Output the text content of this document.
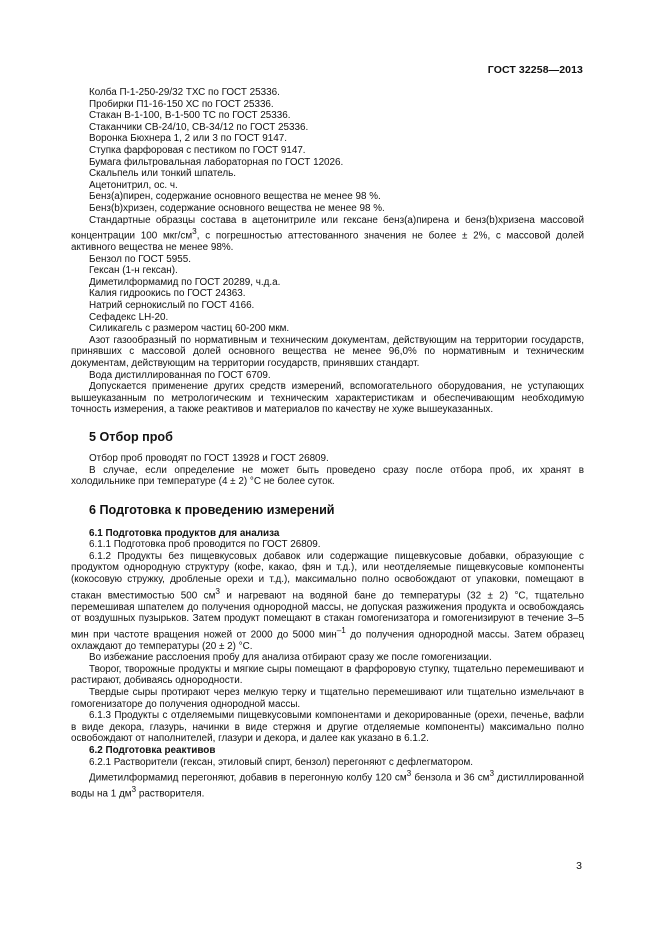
ГОСТ 32258—2013

Колба П-1-250-29/32 ТХС по ГОСТ 25336.

Пробирки П1-16-150 ХС по ГОСТ 25336.

Стакан В-1-100, В-1-500 ТС по ГОСТ 25336.

Стаканчики СВ-24/10, СВ-34/12 по ГОСТ 25336.

Воронка Бюхнера 1, 2 или 3 по ГОСТ 9147.

Ступка фарфоровая с пестиком по ГОСТ 9147.

Бумага фильтровальная лабораторная по ГОСТ 12026.

Скальпель или тонкий шпатель.

Ацетонитрил, ос. ч.

Бенз(а)пирен, содержание основного вещества не менее 98 %.

Бенз(b)хризен, содержание основного вещества не менее 98 %.

Стандартные образцы состава в ацетонитриле или гексане бенз(а)пирена и бенз(b)хризена массовой концентрации 100 мкг/$см^3$, с погрешностью аттестованного значения не более ± 2%, с массовой долей активного вещества не менее 98%.

Бензол по ГОСТ 5955.

Гексан (1-н гексан).

Диметилформамид по ГОСТ 20289, ч.д.а.

Калия гидроокись по ГОСТ 24363.

Натрий сернокислый по ГОСТ 4166.

Сефадекс LH-20.

Силикагель с размером частиц 60-200 мкм.

Азот газообразный по нормативным и техническим документам, действующим на территории государств, принявших с массовой долей основного вещества не менее 96,0% по нормативным и техническим документам, действующим на территории государств, принявших стандарт.

Вода дистиллированная по ГОСТ 6709.

Допускается применение других средств измерений, вспомогательного оборудования, не уступающих вышеуказанным по метрологическим и техническим характеристикам и обеспечивающим необходимую точность измерения, а также реактивов и материалов по качеству не хуже вышеуказанных.

5 Отбор проб

Отбор проб проводят по ГОСТ 13928 и ГОСТ 26809.

В случае, если определение не может быть проведено сразу после отбора проб, их хранят в холодильнике при температуре (4 ± 2) °С не более суток.

6 Подготовка к проведению измерений
6.1 Подготовка продуктов для анализа

6.1.1 Подготовка проб проводится по ГОСТ 26809.

6.1.2 Продукты без пищевкусовых добавок или содержащие пищевкусовые добавки, образующие с продуктом однородную структуру (кофе, какао, фян и т.д.), или неотделяемые пищевкусовые компоненты (кокосовую стружку, дробленые орехи и т.д.), максимально полно освобождают от упаковки, помещают в стакан вместимостью 500 $см^3$ и нагревают на водяной бане до температуры (32 ± 2) °С, тщательно перемешивая шпателем до получения однородной массы, не допуская разжижения продукта и освобождаясь от воздушных пузырьков. Затем продукт помещают в стакан гомогенизатора и гомогенизируют в течение 3–5 мин при частоте вращения ножей от 2000 до 5000 мин$^{-1}$ до получения однородной массы. Затем образец охлаждают до температуры (20 ± 2) °С.

Во избежание расслоения пробу для анализа отбирают сразу же после гомогенизации.

Творог, творожные продукты и мягкие сыры помещают в фарфоровую ступку, тщательно перемешивают и растирают, добиваясь однородности.

Твердые сыры протирают через мелкую терку и тщательно перемешивают или тщательно измельчают в гомогенизаторе до получения однородной массы.

6.1.3 Продукты с отделяемыми пищевкусовыми компонентами и декорированные (орехи, печенье, вафли в виде декора, глазурь, начинки в виде стержня и другие отделяемые компоненты) максимально полно освобождают от наполнителей, глазури и декора, и далее как указано в 6.1.2.

6.2 Подготовка реактивов

6.2.1 Растворители (гексан, этиловый спирт, бензол) перегоняют с дефлегматором.

Диметилформамид перегоняют, добавив в перегонную колбу 120 $см^3$ бензола и 36 $см^3$ дистиллированной воды на 1 $дм^3$ растворителя.

3
